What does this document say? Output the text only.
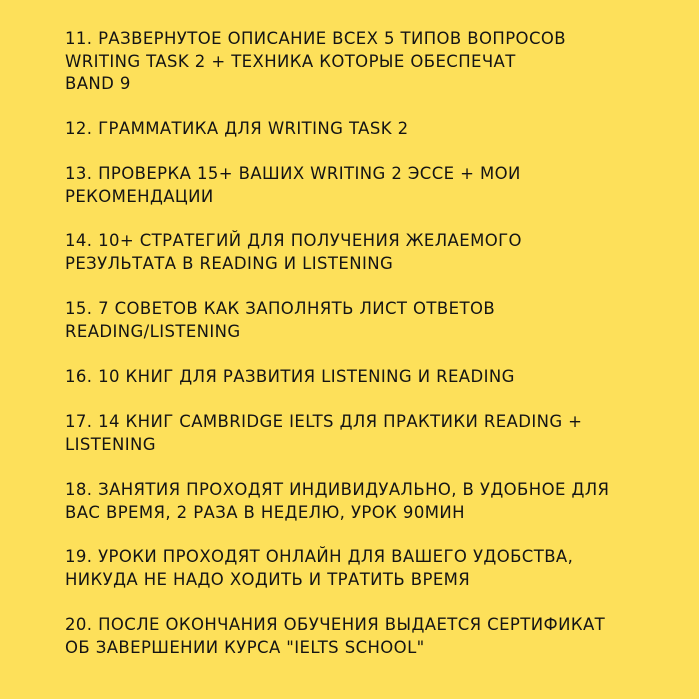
11. РАЗВЕРНУТОЕ ОПИСАНИЕ ВСЕХ 5 ТИПОВ ВОПРОСОВ
WRITING TASK 2 + ТЕХНИКА КОТОРЫЕ ОБЕСПЕЧАТ
BAND 9
12. ГРАММАТИКА ДЛЯ WRITING TASK 2
13. ПРОВЕРКА 15+ ВАШИХ WRITING 2 ЭССЕ + МОИ
РЕКОМЕНДАЦИИ
14. 10+ СТРАТЕГИЙ ДЛЯ ПОЛУЧЕНИЯ ЖЕЛАЕМОГО
РЕЗУЛЬТАТА В READING И LISTENING
15. 7 СОВЕТОВ КАК ЗАПОЛНЯТЬ ЛИСТ ОТВЕТОВ
READING/LISTENING
16. 10 КНИГ ДЛЯ РАЗВИТИЯ LISTENING И READING
17. 14 КНИГ CAMBRIDGE IELTS ДЛЯ ПРАКТИКИ READING +
LISTENING
18. ЗАНЯТИЯ ПРОХОДЯТ ИНДИВИДУАЛЬНО, В УДОБНОЕ ДЛЯ
ВАС ВРЕМЯ, 2 РАЗА В НЕДЕЛЮ, УРОК 90МИН
19. УРОКИ ПРОХОДЯТ ОНЛАЙН ДЛЯ ВАШЕГО УДОБСТВА,
НИКУДА НЕ НАДО ХОДИТЬ И ТРАТИТЬ ВРЕМЯ
20. ПОСЛЕ ОКОНЧАНИЯ ОБУЧЕНИЯ ВЫДАЕТСЯ СЕРТИФИКАТ
ОБ ЗАВЕРШЕНИИ КУРСА "IELTS SCHOOL"
